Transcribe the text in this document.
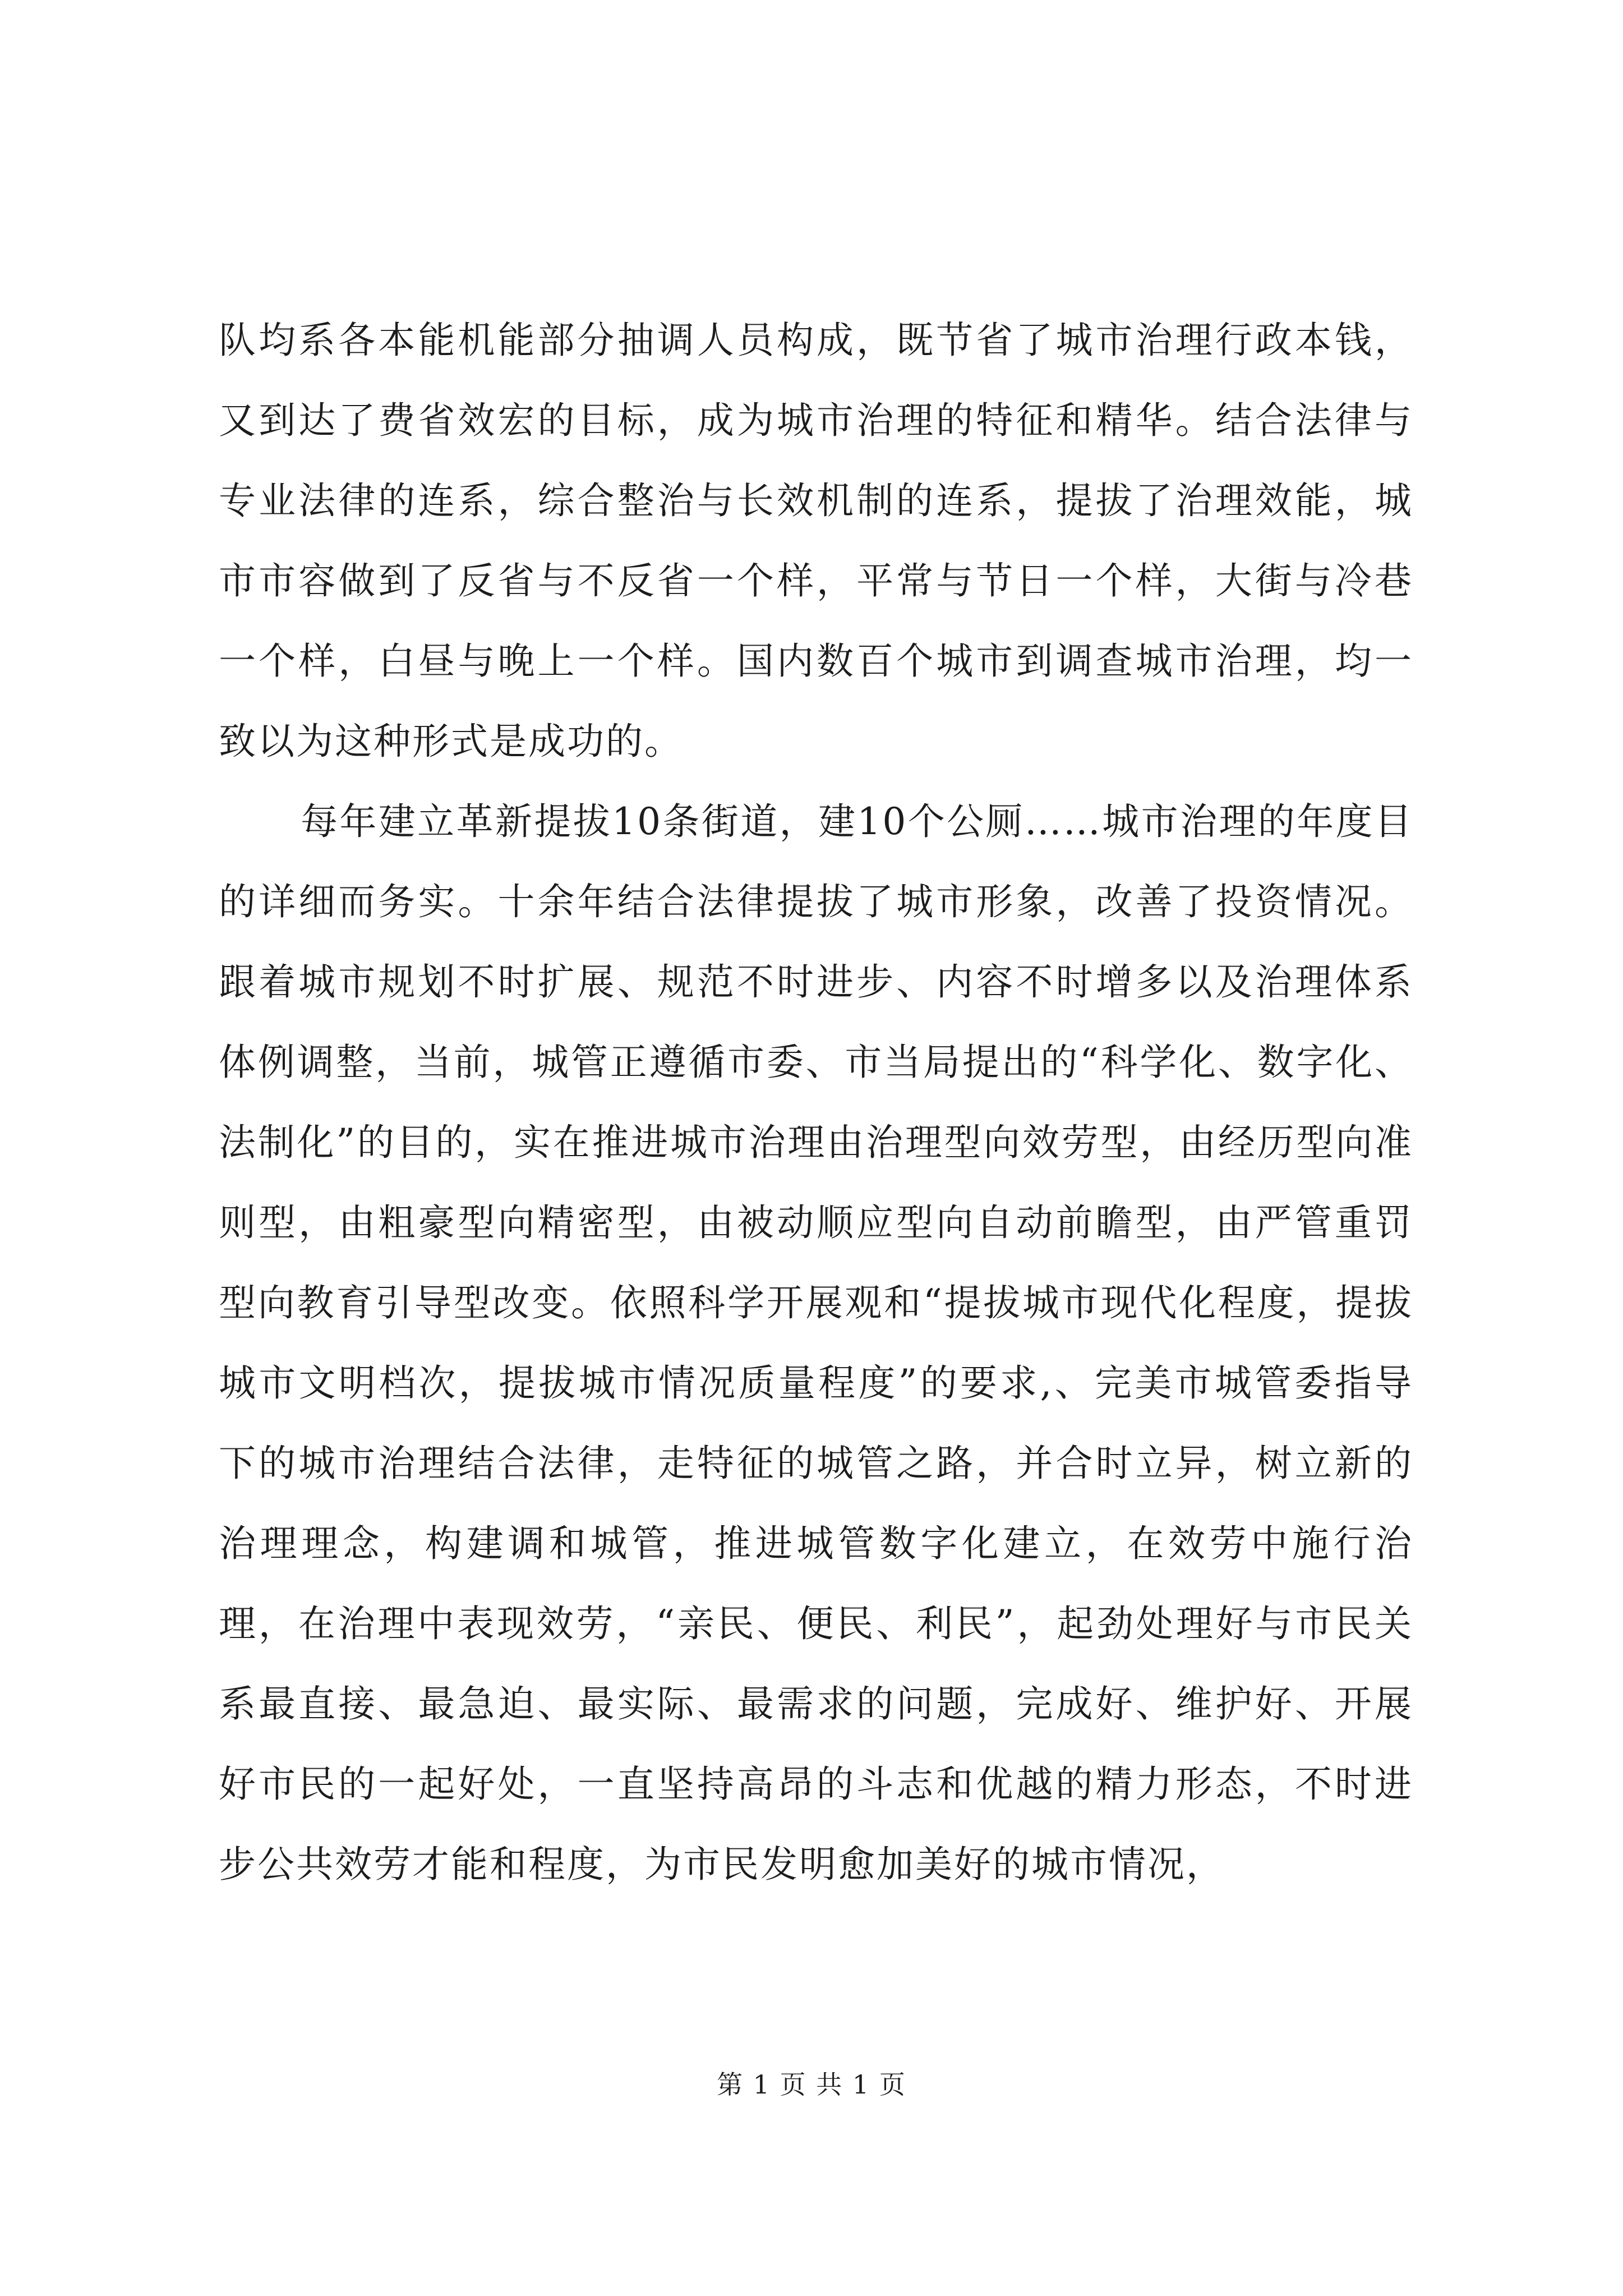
队均系各本能机能部分抽调人员构成，既节省了城市治理行政本钱，又到达了费省效宏的目标，成为城市治理的特征和精华。结合法律与专业法律的连系，综合整治与长效机制的连系，提拔了治理效能，城市市容做到了反省与不反省一个样，平常与节日一个样，大街与冷巷一个样，白昼与晚上一个样。国内数百个城市到调查城市治理，均一致以为这种形式是成功的。

每年建立革新提拔10条街道，建10个公厕……城市治理的年度目的详细而务实。十余年结合法律提拔了城市形象，改善了投资情况。跟着城市规划不时扩展、规范不时进步、内容不时增多以及治理体系体例调整，当前，城管正遵循市委、市当局提出的“科学化、数字化、法制化”的目的，实在推进城市治理由治理型向效劳型，由经历型向准则型，由粗豪型向精密型，由被动顺应型向自动前瞻型，由严管重罚型向教育引导型改变。依照科学开展观和“提拔城市现代化程度，提拔城市文明档次，提拔城市情况质量程度”的要求,、完美市城管委指导下的城市治理结合法律，走特征的城管之路，并合时立异，树立新的治理理念，构建调和城管，推进城管数字化建立，在效劳中施行治理，在治理中表现效劳，“亲民、便民、利民”，起劲处理好与市民关系最直接、最急迫、最实际、最需求的问题，完成好、维护好、开展好市民的一起好处，一直坚持高昂的斗志和优越的精力形态，不时进步公共效劳才能和程度，为市民发明愈加美好的城市情况，

第 1 页 共 1 页
